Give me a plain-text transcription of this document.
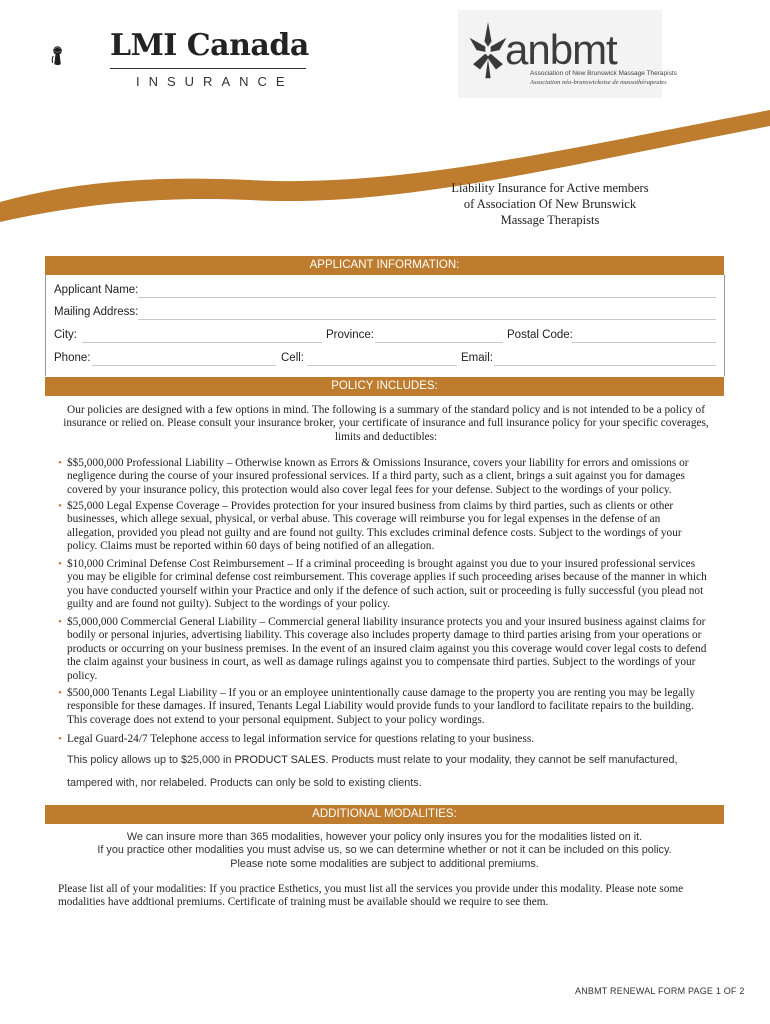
LMI Canada
INSURANCE
anbmt
Association of New Brunswick Massage Therapists
Association néo-brunswickoise de massothérapeutes
Liability Insurance for Active members
of Association Of New Brunswick
Massage Therapists
APPLICANT INFORMATION:
Applicant Name:
Mailing Address:
City:	Province:	Postal Code:
Phone:	Cell:	Email:
POLICY INCLUDES:
Our policies are designed with a few options in mind. The following is a summary of the standard policy and is not intended to be a policy of insurance or relied on. Please consult your insurance broker, your certificate of insurance and full insurance policy for your specific coverages, limits and deductibles:
• $$5,000,000 Professional Liability – Otherwise known as Errors & Omissions Insurance, covers your liability for errors and omissions or negligence during the course of your insured professional services. If a third party, such as a client, brings a suit against you for damages covered by your insurance policy, this protection would also cover legal fees for your defense. Subject to the wordings of your policy.
• $25,000 Legal Expense Coverage – Provides protection for your insured business from claims by third parties, such as clients or other businesses, which allege sexual, physical, or verbal abuse. This coverage will reimburse you for legal expenses in the defense of an allegation, provided you plead not guilty and are found not guilty. This excludes criminal defence costs. Subject to the wordings of your policy. Claims must be reported within 60 days of being notified of an allegation.
• $10,000 Criminal Defense Cost Reimbursement – If a criminal proceeding is brought against you due to your insured professional services you may be eligible for criminal defense cost reimbursement. This coverage applies if such proceeding arises because of the manner in which you have conducted yourself within your Practice and only if the defence of such action, suit or proceeding is fully successful (you plead not guilty and are found not guilty). Subject to the wordings of your policy.
• $5,000,000 Commercial General Liability – Commercial general liability insurance protects you and your insured business against claims for bodily or personal injuries, advertising liability. This coverage also includes property damage to third parties arising from your operations or products or occurring on your business premises. In the event of an insured claim against you this coverage would cover legal costs to defend the claim against your business in court, as well as damage rulings against you to compensate third parties. Subject to the wordings of your policy.
• $500,000 Tenants Legal Liability – If you or an employee unintentionally cause damage to the property you are renting you may be legally responsible for these damages. If insured, Tenants Legal Liability would provide funds to your landlord to facilitate repairs to the building. This coverage does not extend to your personal equipment. Subject to your policy wordings.
• Legal Guard-24/7 Telephone access to legal information service for questions relating to your business.
This policy allows up to $25,000 in PRODUCT SALES. Products must relate to your modality, they cannot be self manufactured,
tampered with, nor relabeled. Products can only be sold to existing clients.
ADDITIONAL MODALITIES:
We can insure more than 365 modalities, however your policy only insures you for the modalities listed on it.
If you practice other modalities you must advise us, so we can determine whether or not it can be included on this policy.
Please note some modalities are subject to additional premiums.
Please list all of your modalities: If you practice Esthetics, you must list all the services you provide under this modality. Please note some modalities have addtional premiums. Certificate of training must be available should we require to see them.
ANBMT RENEWAL FORM PAGE 1 OF 2
